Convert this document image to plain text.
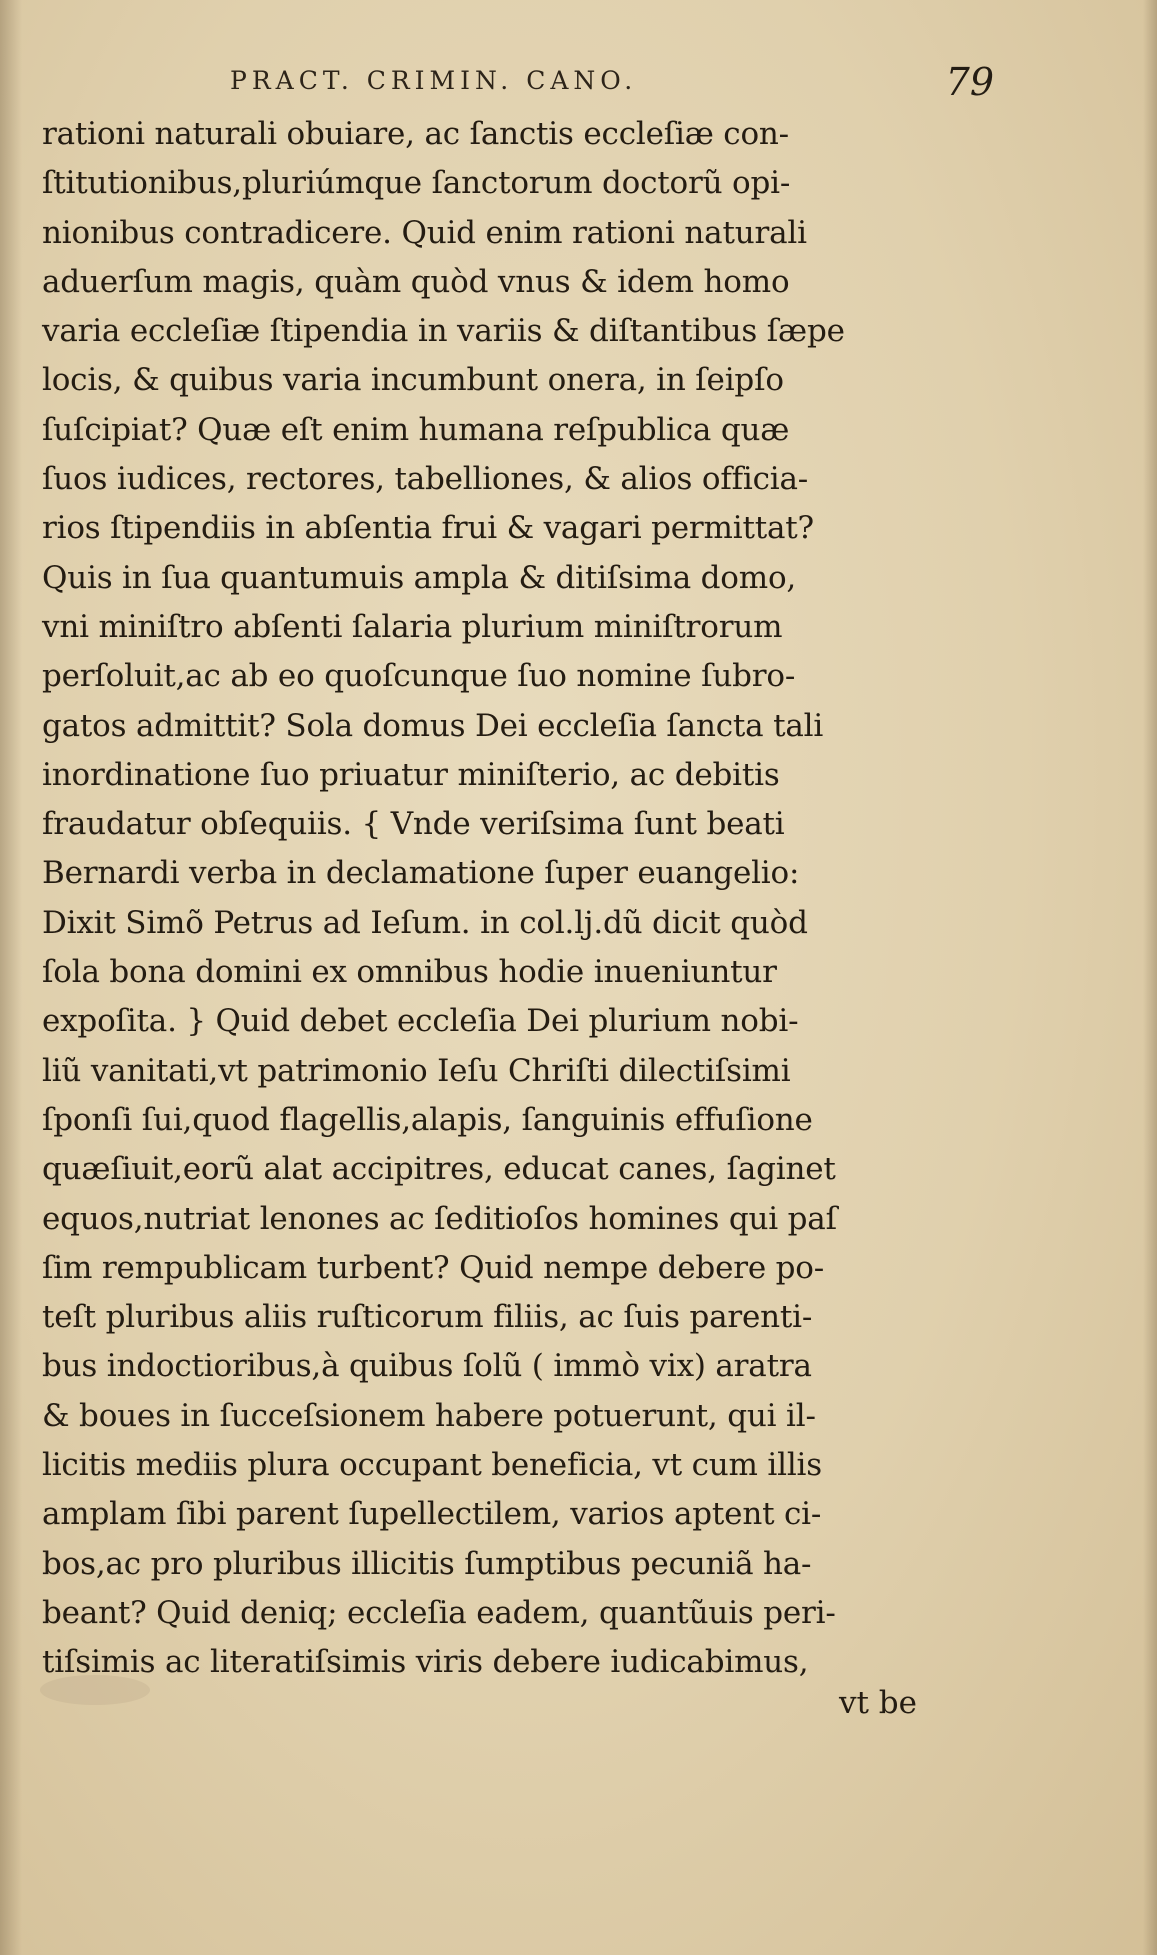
PRACT. CRIMIN. CANO.	79
rationi naturali obuiare, ac ſanctis eccleſiæ con-
ſtitutionibus,pluriúmque ſanctorum doctorũ opi-
nionibus contradicere. Quid enim rationi naturali
aduerſum magis, quàm quòd vnus & idem homo
varia eccleſiæ ſtipendia in variis & diſtantibus ſæpe
locis, & quibus varia incumbunt onera, in ſeipſo
ſuſcipiat? Quæ eſt enim humana reſpublica quæ
ſuos iudices, rectores, tabelliones, & alios officia-
rios ſtipendiis in abſentia frui & vagari permittat?
Quis in ſua quantumuis ampla & ditiſsima domo,
vni miniſtro abſenti ſalaria plurium miniſtrorum
perſoluit,ac ab eo quoſcunque ſuo nomine ſubro-
gatos admittit? Sola domus Dei eccleſia ſancta tali
inordinatione ſuo priuatur miniſterio, ac debitis
fraudatur obſequiis. { Vnde veriſsima ſunt beati
Bernardi verba in declamatione ſuper euangelio:
Dixit Simõ Petrus ad Ieſum. in col.lj.dũ dicit quòd
ſola bona domini ex omnibus hodie inueniuntur
expoſita. } Quid debet eccleſia Dei plurium nobi-
liũ vanitati,vt patrimonio Ieſu Chriſti dilectiſsimi
ſponſi ſui,quod flagellis,alapis, ſanguinis effuſione
quæſiuit,eorũ alat accipitres, educat canes, ſaginet
equos,nutriat lenones ac ſeditioſos homines qui paſ
ſim rempublicam turbent? Quid nempe debere po-
teſt pluribus aliis ruſticorum filiis, ac ſuis parenti-
bus indoctioribus,à quibus ſolũ ( immò vix) aratra
& boues in ſucceſsionem habere potuerunt, qui il-
licitis mediis plura occupant beneficia, vt cum illis
amplam ſibi parent ſupellectilem, varios aptent ci-
bos,ac pro pluribus illicitis ſumptibus pecuniã ha-
beant? Quid deniq; eccleſia eadem, quantũuis peri-
tiſsimis ac literatiſsimis viris debere iudicabimus,
vt be
